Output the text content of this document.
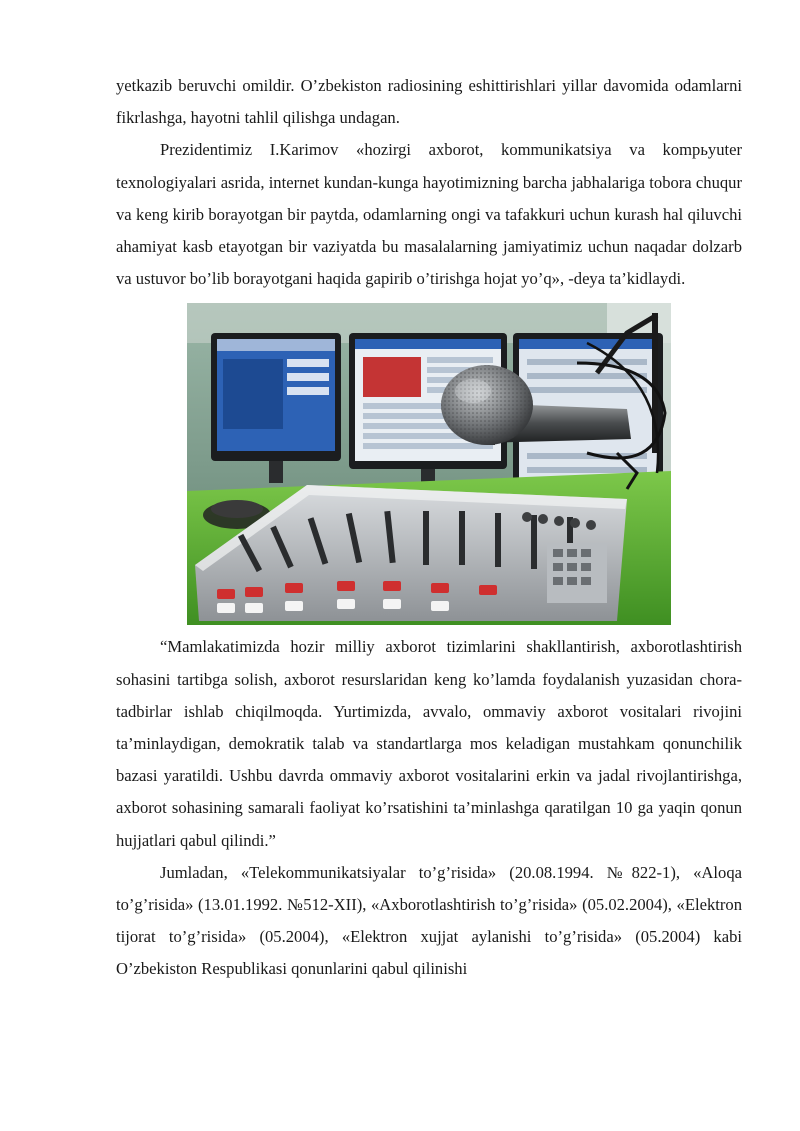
yetkazib beruvchi omildir. O’zbekiston radiosining eshittirishlari yillar davomida odamlarni fikrlashga, hayotni tahlil qilishga undagan.

Prezidentimiz I.Karimov «hozirgi axborot, kommunikatsiya va kompьyuter texnologiyalari asrida, internet kundan-kunga hayotimizning barcha jabhalariga tobora chuqur va keng kirib borayotgan bir paytda, odamlarning ongi va tafakkuri uchun kurash hal qiluvchi ahamiyat kasb etayotgan bir vaziyatda bu masalalarning jamiyatimiz uchun naqadar dolzarb va ustuvor bo’lib borayotgani haqida gapirib o’tirishga hojat yo’q», -deya ta’kidlaydi.

“Mamlakatimizda hozir milliy axborot tizimlarini shakllantirish, axborotlashtirish sohasini tartibga solish, axborot resurslaridan keng ko’lamda foydalanish yuzasidan chora-tadbirlar ishlab chiqilmoqda. Yurtimizda, avvalo, ommaviy axborot vositalari rivojini ta’minlaydigan, demokratik talab va standartlarga mos keladigan mustahkam qonunchilik bazasi yaratildi. Ushbu davrda ommaviy axborot vositalarini erkin va jadal rivojlantirishga, axborot sohasining samarali faoliyat ko’rsatishini ta’minlashga qaratilgan 10 ga yaqin qonun hujjatlari qabul qilindi.”

Jumladan, «Telekommunikatsiyalar to’g’risida» (20.08.1994. №822-1), «Aloqa to’g’risida» (13.01.1992. №512-XII), «Axborotlashtirish to’g’risida» (05.02.2004), «Elektron tijorat to’g’risida» (05.2004), «Elektron xujjat aylanishi to’g’risida» (05.2004) kabi O’zbekiston Respublikasi qonunlarini qabul qilinishi
